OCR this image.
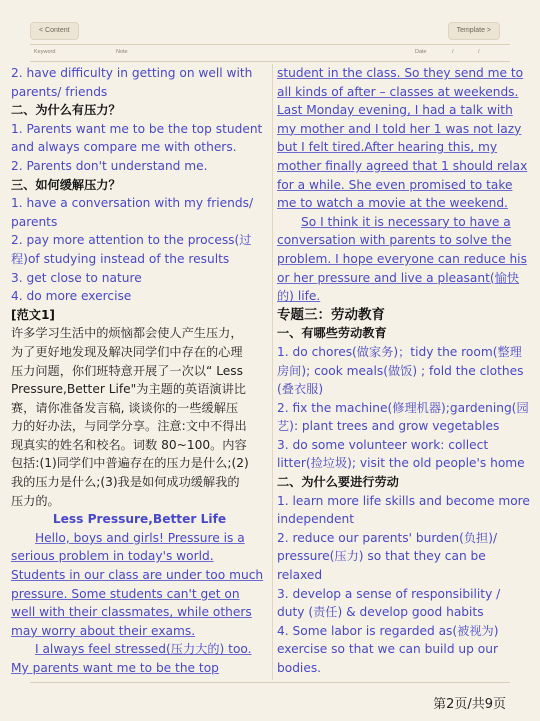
< Content	Template >
Keyword	Note	Date	/	/
2. have difficulty in getting on well with
parents/ friends
二、为什么有压力？
1. Parents want me to be the top student
and always compare me with others.
2. Parents don't understand me.
三、如何缓解压力？
1. have a conversation with my friends/
parents
2. pay more attention to the process(过
程)of studying instead of the results
3. get close to nature
4. do more exercise
[范文1]
许多学习生活中的烦恼都会使人产生压力，
为了更好地发现及解决同学们中存在的心理
压力问题，你们班特意开展了一次以“ Less
Pressure,Better Life"为主题的英语演讲比
赛，请你准备发言稿, 谈谈你的一些缓解压
力的好办法，与同学分享。注意:文中不得出
现真实的姓名和校名。词数 80~100。内容
包括:(1)同学们中普遍存在的压力是什么;(2)
我的压力是什么;(3)我是如何成功缓解我的
压力的。
Less Pressure,Better Life
Hello, boys and girls! Pressure is a
serious problem in today's world.
Students in our class are under too much
pressure. Some students can't get on
well with their classmates, while others
may worry about their exams.
I always feel stressed(压力大的) too.
My parents want me to be the top
student in the class. So they send me to
all kinds of after – classes at weekends.
Last Monday evening, I had a talk with
my mother and I told her 1 was not lazy
but I felt tired.After hearing this, my
mother finally agreed that 1 should relax
for a while. She even promised to take
me to watch a movie at the weekend.
So I think it is necessary to have a
conversation with parents to solve the
problem. I hope everyone can reduce his
or her pressure and live a pleasant(愉快
的) life.
专题三：劳动教育
一、有哪些劳动教育
1. do chores(做家务)；tidy the room(整理
房间); cook meals(做饭) ; fold the clothes
(叠衣服)
2. fix the machine(修理机器);gardening(园
艺): plant trees and grow vegetables
3. do some volunteer work: collect
litter(捡垃圾); visit the old people's home
二、为什么要进行劳动
1. learn more life skills and become more
independent
2. reduce our parents' burden(负担)/
pressure(压力) so that they can be
relaxed
3. develop a sense of responsibility /
duty (责任) & develop good habits
4. Some labor is regarded as(被视为)
exercise so that we can build up our
bodies.
第2页/共9页
